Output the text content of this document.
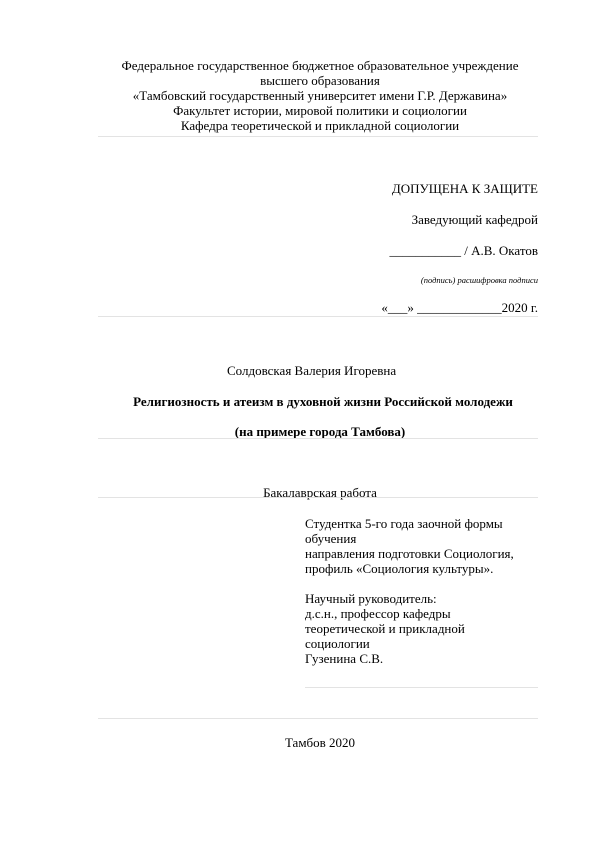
Федеральное государственное бюджетное образовательное учреждение
высшего образования
«Тамбовский государственный университет имени Г.Р. Державина»
Факультет истории, мировой политики и социологии
Кафедра теоретической и прикладной социологии
ДОПУЩЕНА К ЗАЩИТЕ
Заведующий кафедрой
___________ / А.В. Окатов
(подпись) расшифровка подписи
«___» _____________2020 г.
Солдовская Валерия Игоревна
Религиозность и атеизм в духовной жизни Российской молодежи
(на примере города Тамбова)
Бакалаврская работа
Студентка 5-го года заочной формы
обучения
направления подготовки Социология,
профиль «Социология культуры».
Научный руководитель:
д.с.н., профессор кафедры
теоретической и прикладной
социологии
Гузенина С.В.
Тамбов 2020
